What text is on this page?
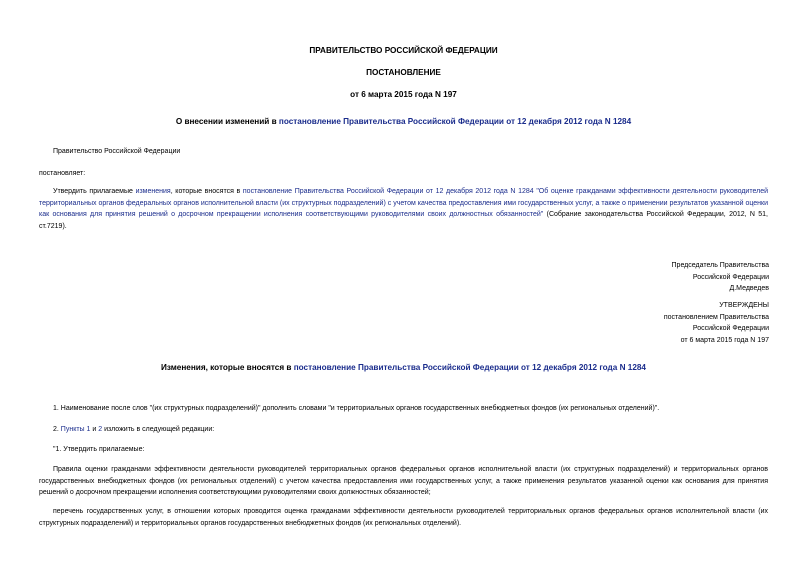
ПРАВИТЕЛЬСТВО РОССИЙСКОЙ ФЕДЕРАЦИИ
ПОСТАНОВЛЕНИЕ
от 6 марта 2015 года N 197
О внесении изменений в постановление Правительства Российской Федерации от 12 декабря 2012 года N 1284
Правительство Российской Федерации
постановляет:

Утвердить прилагаемые изменения, которые вносятся в постановление Правительства Российской Федерации от 12 декабря 2012 года N 1284 "Об оценке гражданами эффективности деятельности руководителей территориальных органов федеральных органов исполнительной власти (их структурных подразделений) с учетом качества предоставления ими государственных услуг, а также о применении результатов указанной оценки как основания для принятия решений о досрочном прекращении исполнения соответствующими руководителями своих должностных обязанностей" (Собрание законодательства Российской Федерации, 2012, N 51, ст.7219).

Председатель Правительства
Российской Федерации
Д.Медведев
УТВЕРЖДЕНЫ
постановлением Правительства
Российской Федерации
от 6 марта 2015 года N 197
Изменения, которые вносятся в постановление Правительства Российской Федерации от 12 декабря 2012 года N 1284
1. Наименование после слов "(их структурных подразделений)" дополнить словами "и территориальных органов государственных внебюджетных фондов (их региональных отделений)".
2. Пункты 1 и 2 изложить в следующей редакции:
"1. Утвердить прилагаемые:

Правила оценки гражданами эффективности деятельности руководителей территориальных органов федеральных органов исполнительной власти (их структурных подразделений) и территориальных органов государственных внебюджетных фондов (их региональных отделений) с учетом качества предоставления ими государственных услуг, а также применения результатов указанной оценки как основания для принятия решений о досрочном прекращении исполнения соответствующими руководителями своих должностных обязанностей;

перечень государственных услуг, в отношении которых проводится оценка гражданами эффективности деятельности руководителей территориальных органов федеральных органов исполнительной власти (их структурных подразделений) и территориальных органов государственных внебюджетных фондов (их региональных отделений).
